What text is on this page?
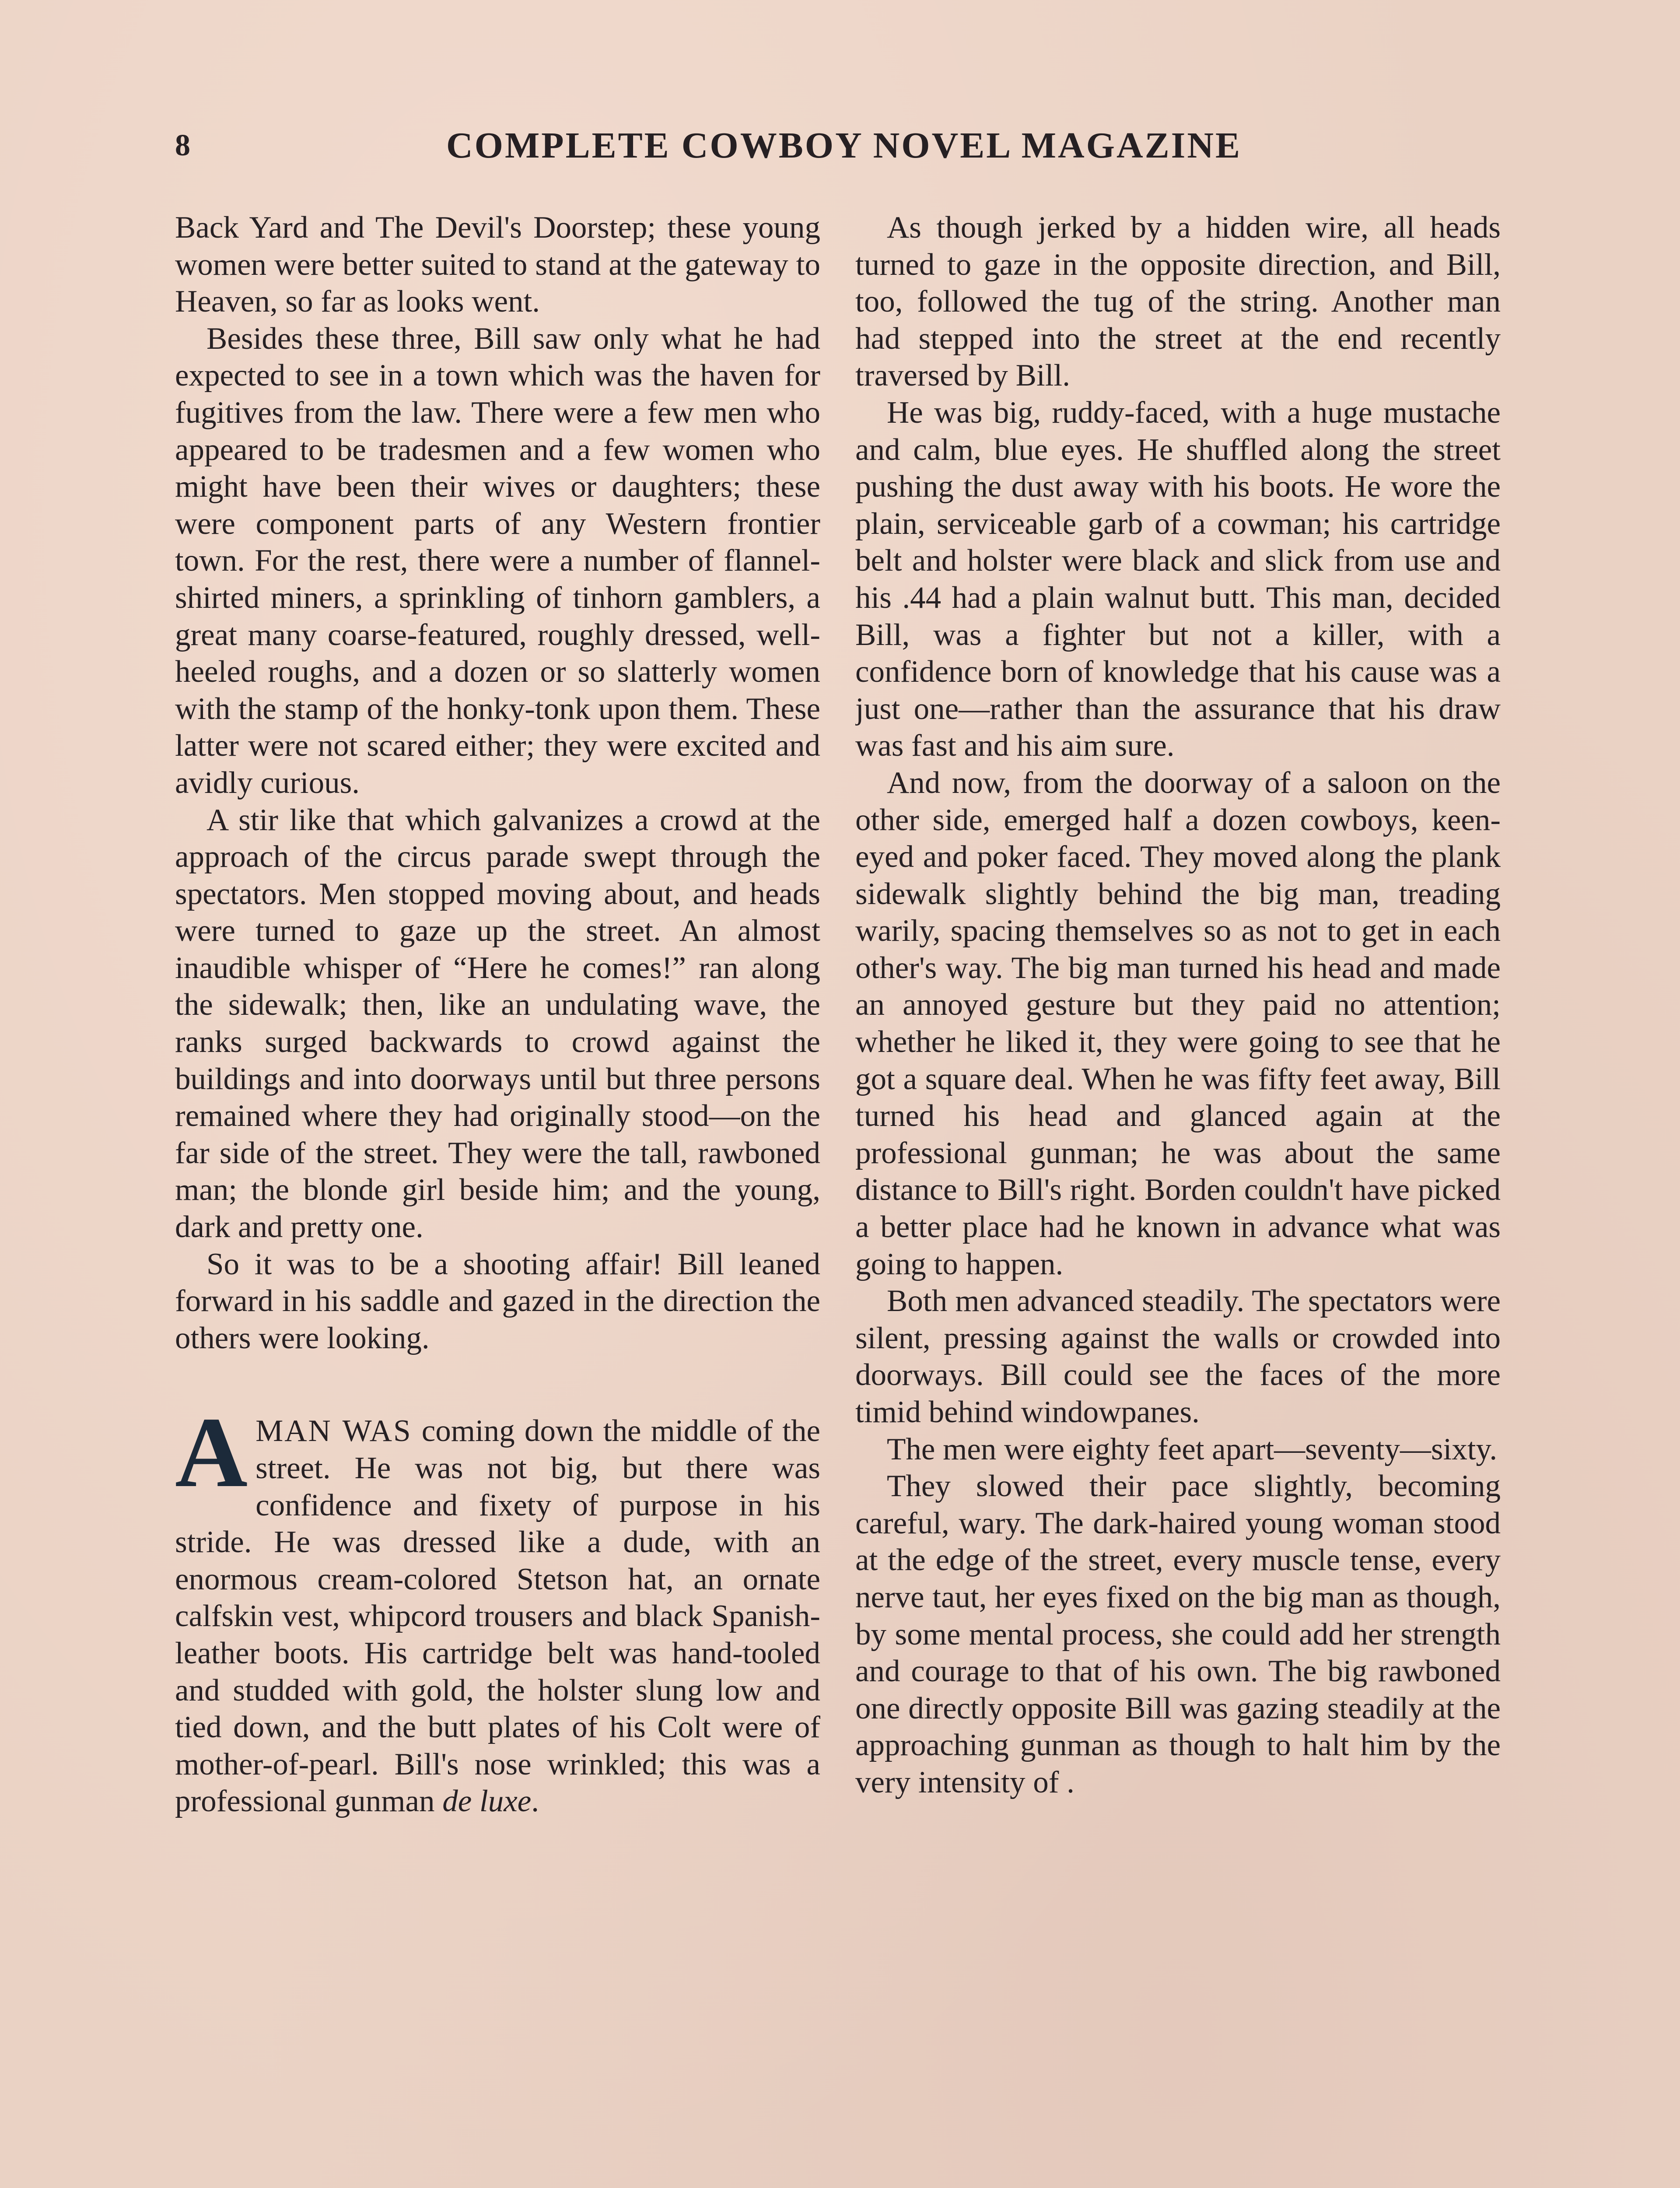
8	COMPLETE COWBOY NOVEL MAGAZINE

Back Yard and The Devil's Doorstep; these young women were better suited to stand at the gateway to Heaven, so far as looks went.

Besides these three, Bill saw only what he had expected to see in a town which was the haven for fugitives from the law. There were a few men who appeared to be tradesmen and a few women who might have been their wives or daughters; these were component parts of any Western frontier town. For the rest, there were a number of flannel-shirted miners, a sprinkling of tinhorn gamblers, a great many coarse-featured, roughly dressed, well-heeled roughs, and a dozen or so slatterly women with the stamp of the honky-tonk upon them. These latter were not scared either; they were excited and avidly curious.

A stir like that which galvanizes a crowd at the approach of the circus parade swept through the spectators. Men stopped moving about, and heads were turned to gaze up the street. An almost inaudible whisper of “Here he comes!” ran along the sidewalk; then, like an undulating wave, the ranks surged backwards to crowd against the buildings and into doorways until but three persons remained where they had originally stood—on the far side of the street. They were the tall, rawboned man; the blonde girl beside him; and the young, dark and pretty one.

So it was to be a shooting affair! Bill leaned forward in his saddle and gazed in the direction the others were looking.

AMAN WAS coming down the middle of the street. He was not big, but there was confidence and fixety of purpose in his stride. He was dressed like a dude, with an enormous cream-colored Stetson hat, an ornate calfskin vest, whipcord trousers and black Spanish-leather boots. His cartridge belt was hand-tooled and studded with gold, the holster slung low and tied down, and the butt plates of his Colt were of mother-of-pearl. Bill's nose wrinkled; this was a professional gunman de luxe.

As though jerked by a hidden wire, all heads turned to gaze in the opposite direction, and Bill, too, followed the tug of the string. Another man had stepped into the street at the end recently traversed by Bill.

He was big, ruddy-faced, with a huge mustache and calm, blue eyes. He shuffled along the street pushing the dust away with his boots. He wore the plain, serviceable garb of a cowman; his cartridge belt and holster were black and slick from use and his .44 had a plain walnut butt. This man, decided Bill, was a fighter but not a killer, with a confidence born of knowledge that his cause was a just one—rather than the assurance that his draw was fast and his aim sure.

And now, from the doorway of a saloon on the other side, emerged half a dozen cowboys, keen-eyed and poker faced. They moved along the plank sidewalk slightly behind the big man, treading warily, spacing themselves so as not to get in each other's way. The big man turned his head and made an annoyed gesture but they paid no attention; whether he liked it, they were going to see that he got a square deal. When he was fifty feet away, Bill turned his head and glanced again at the professional gunman; he was about the same distance to Bill's right. Borden couldn't have picked a better place had he known in advance what was going to happen.

Both men advanced steadily. The spectators were silent, pressing against the walls or crowded into doorways. Bill could see the faces of the more timid behind windowpanes.

The men were eighty feet apart—seventy—sixty.

They slowed their pace slightly, becoming careful, wary. The dark-haired young woman stood at the edge of the street, every muscle tense, every nerve taut, her eyes fixed on the big man as though, by some mental process, she could add her strength and courage to that of his own. The big rawboned one directly opposite Bill was gazing steadily at the approaching gunman as though to halt him by the very intensity of .
